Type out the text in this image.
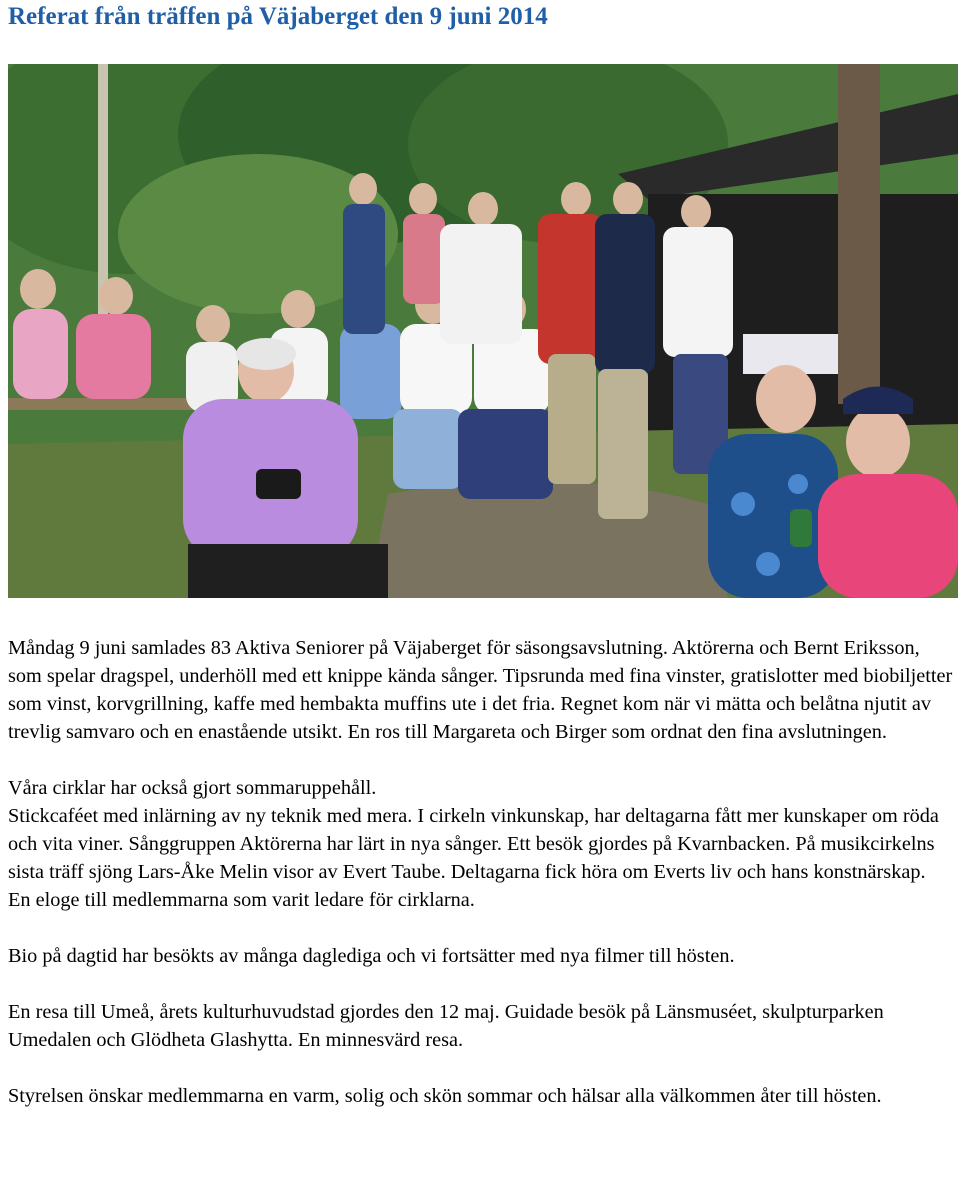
Referat från träffen på Väjaberget den 9 juni 2014

Måndag 9 juni samlades 83 Aktiva Seniorer på Väjaberget för säsongsavslutning. Aktörerna och Bernt Eriksson, som spelar dragspel, underhöll med ett knippe kända sånger. Tipsrunda med fina vinster, gratislotter med biobiljetter som vinst, korvgrillning, kaffe med hembakta muffins ute i det fria. Regnet kom när vi mätta och belåtna njutit av trevlig samvaro och en enastående utsikt. En ros till Margareta och Birger som ordnat den fina avslutningen.

Våra cirklar har också gjort sommaruppehåll.

Stickcaféet med inlärning av ny teknik med mera. I cirkeln vinkunskap, har deltagarna fått mer kunskaper om röda och vita viner. Sånggruppen Aktörerna har lärt in nya sånger. Ett besök gjordes på Kvarnbacken. På musikcirkelns sista träff sjöng Lars-Åke Melin visor av Evert Taube. Deltagarna fick höra om Everts liv och hans konstnärskap.

En eloge till medlemmarna som varit ledare för cirklarna.

Bio på dagtid har besökts av många daglediga och vi fortsätter med nya filmer till hösten.

En resa till Umeå, årets kulturhuvudstad gjordes den 12 maj. Guidade besök på Länsmuséet, skulpturparken Umedalen och Glödheta Glashytta. En minnesvärd resa.

Styrelsen önskar medlemmarna en varm, solig och skön sommar och hälsar alla välkommen åter till hösten.
